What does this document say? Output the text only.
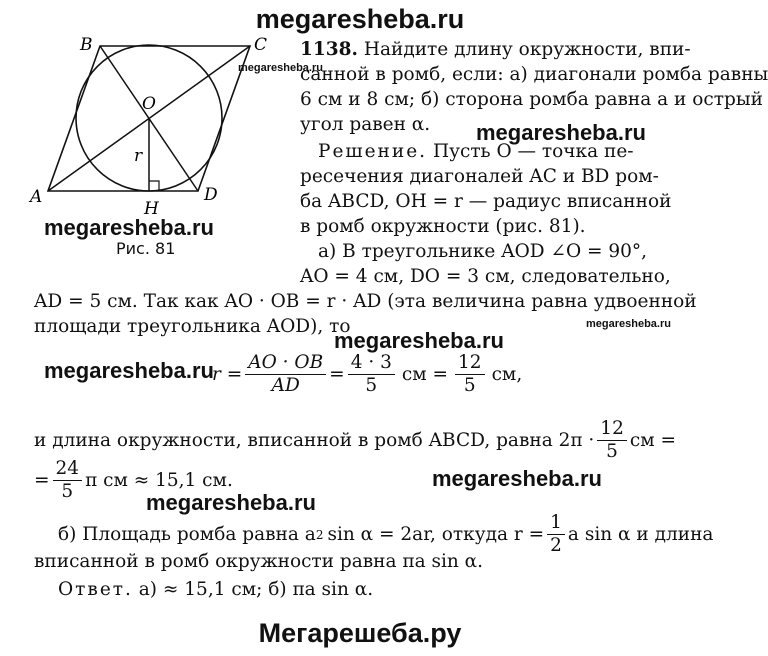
megaresheba.ru
megaresheba.ru
megaresheba.ru
megaresheba.ru
megaresheba.ru
megaresheba.ru
megaresheba.ru
megaresheba.ru
megaresheba.ru
Мегарешеба.ру
B	C
A	D
O
H
r
Рис. 81
1138. Найдите длину окружности, впи-
санной в ромб, если: а) диагонали ромба равны
6 см и 8 см; б) сторона ромба равна a и острый
угол равен α.
Решение. Пусть O — точка пе-
ресечения диагоналей AC и BD ром-
ба ABCD, OH = r — радиус вписанной
в ромб окружности (рис. 81).
а) В треугольнике AOD ∠O = 90°,
AO = 4 см, DO = 3 см, следовательно,
AD = 5 см. Так как AO · OB = r · AD (эта величина равна удвоенной
площади треугольника AOD), то
$r = \frac{AO \cdot OB}{AD} = \frac{4 \cdot 3}{5}$ см = $\frac{12}{5}$ см,
и длина окружности, вписанной в ромб ABCD, равна $2\pi \cdot \frac{12}{5}$ см =
= $\frac{24}{5}$ π см ≈ 15,1 см.
б) Площадь ромба равна a 2 sin α = 2ar, откуда $r = \frac{1}{2}$ a sin α и длина
вписанной в ромб окружности равна πa sin α.
Ответ. а) ≈ 15,1 см; б) πa sin α.
